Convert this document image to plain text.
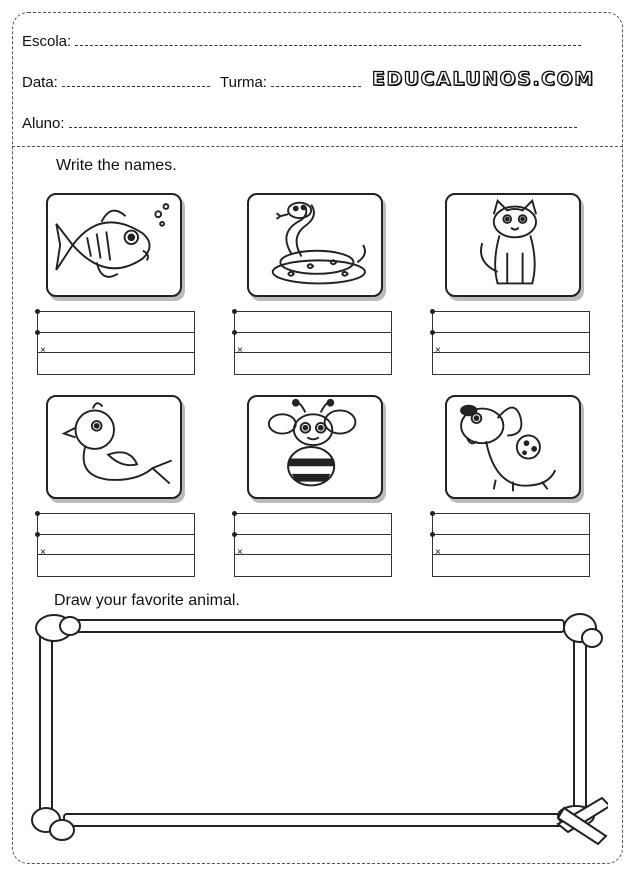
Escola:
Data:	Turma:	EDUCALUNOS.COM
Aluno:
Write the names.
×	×	×
×	×	×
Draw your favorite animal.
